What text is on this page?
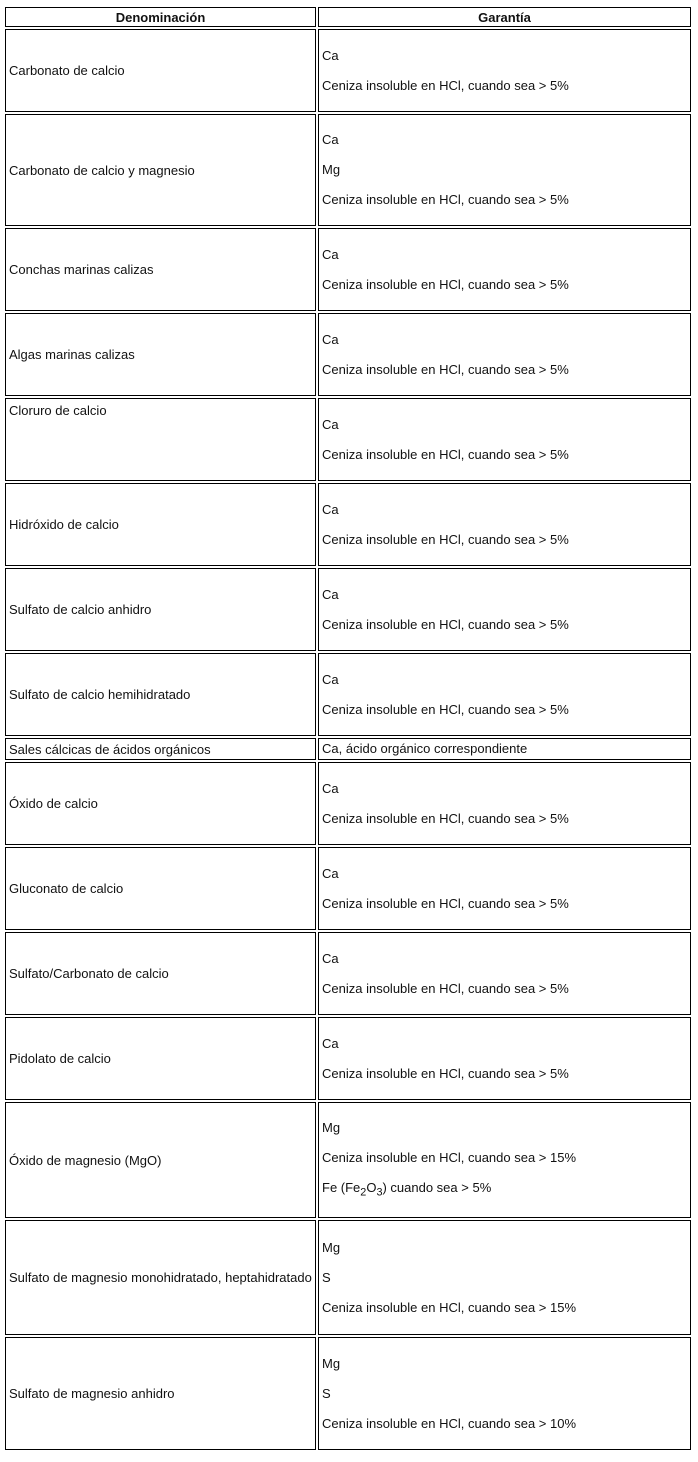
Denominación	Garantía
Carbonato de calcio	Ca
Ceniza insoluble en HCl, cuando sea > 5%

Carbonato de calcio y magnesio	Ca
Mg
Ceniza insoluble en HCl, cuando sea > 5%

Conchas marinas calizas	Ca
Ceniza insoluble en HCl, cuando sea > 5%

Algas marinas calizas	Ca
Ceniza insoluble en HCl, cuando sea > 5%

Cloruro de calcio	Ca
Ceniza insoluble en HCl, cuando sea > 5%

Hidróxido de calcio	Ca
Ceniza insoluble en HCl, cuando sea > 5%

Sulfato de calcio anhidro	Ca
Ceniza insoluble en HCl, cuando sea > 5%

Sulfato de calcio hemihidratado	Ca
Ceniza insoluble en HCl, cuando sea > 5%

Sales cálcicas de ácidos orgánicos	Ca, ácido orgánico correspondiente

Óxido de calcio	Ca
Ceniza insoluble en HCl, cuando sea > 5%

Gluconato de calcio	Ca
Ceniza insoluble en HCl, cuando sea > 5%

Sulfato/Carbonato de calcio	Ca
Ceniza insoluble en HCl, cuando sea > 5%

Pidolato de calcio	Ca
Ceniza insoluble en HCl, cuando sea > 5%

Óxido de magnesio (MgO)	Mg
Ceniza insoluble en HCl, cuando sea > 15%
Fe $(Fe_2O_3)$ cuando sea > 5%

Sulfato de magnesio monohidratado, heptahidratado	Mg
S
Ceniza insoluble en HCl, cuando sea > 15%

Sulfato de magnesio anhidro	Mg
S
Ceniza insoluble en HCl, cuando sea > 10%
